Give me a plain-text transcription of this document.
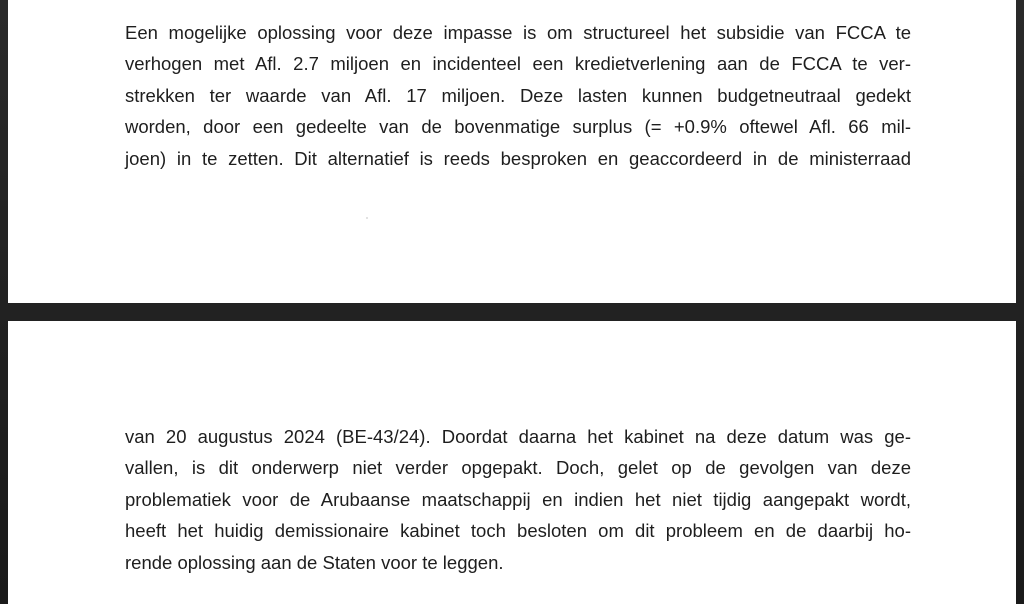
Een mogelijke oplossing voor deze impasse is om structureel het subsidie van FCCA te
verhogen met Afl. 2.7 miljoen en incidenteel een kredietverlening aan de FCCA te ver-
strekken ter waarde van Afl. 17 miljoen. Deze lasten kunnen budgetneutraal gedekt
worden, door een gedeelte van de bovenmatige surplus (= +0.9% oftewel Afl. 66 mil-
joen) in te zetten. Dit alternatief is reeds besproken en geaccordeerd in de ministerraad

van 20 augustus 2024 (BE-43/24). Doordat daarna het kabinet na deze datum was ge-
vallen, is dit onderwerp niet verder opgepakt. Doch, gelet op de gevolgen van deze
problematiek voor de Arubaanse maatschappij en indien het niet tijdig aangepakt wordt,
heeft het huidig demissionaire kabinet toch besloten om dit probleem en de daarbij ho-
rende oplossing aan de Staten voor te leggen.
